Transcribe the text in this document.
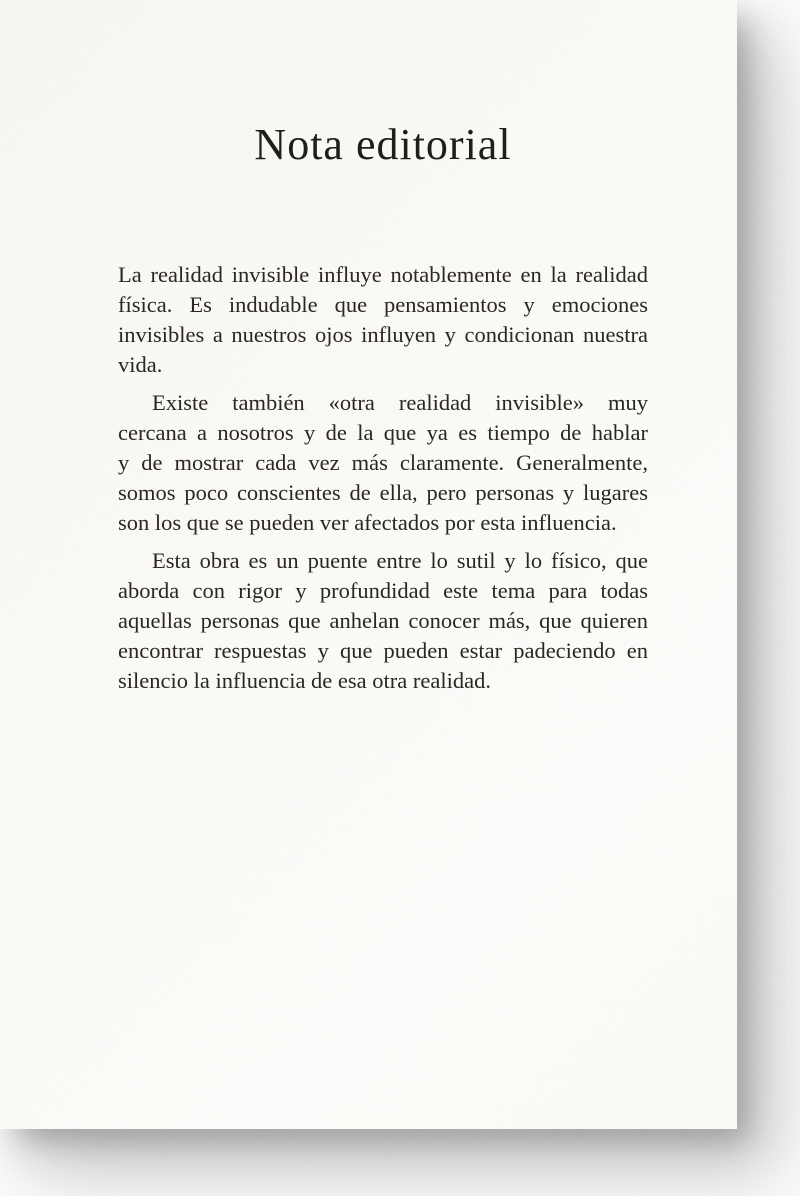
Nota editorial
La realidad invisible influye notablemente en la realidad
física. Es indudable que pensamientos y emociones
invisibles a nuestros ojos influyen y condicionan nuestra
vida.
Existe también «otra realidad invisible» muy
cercana a nosotros y de la que ya es tiempo de hablar
y de mostrar cada vez más claramente. Generalmente,
somos poco conscientes de ella, pero personas y lugares
son los que se pueden ver afectados por esta influencia.
Esta obra es un puente entre lo sutil y lo físico, que
aborda con rigor y profundidad este tema para todas
aquellas personas que anhelan conocer más, que quieren
encontrar respuestas y que pueden estar padeciendo en
silencio la influencia de esa otra realidad.
